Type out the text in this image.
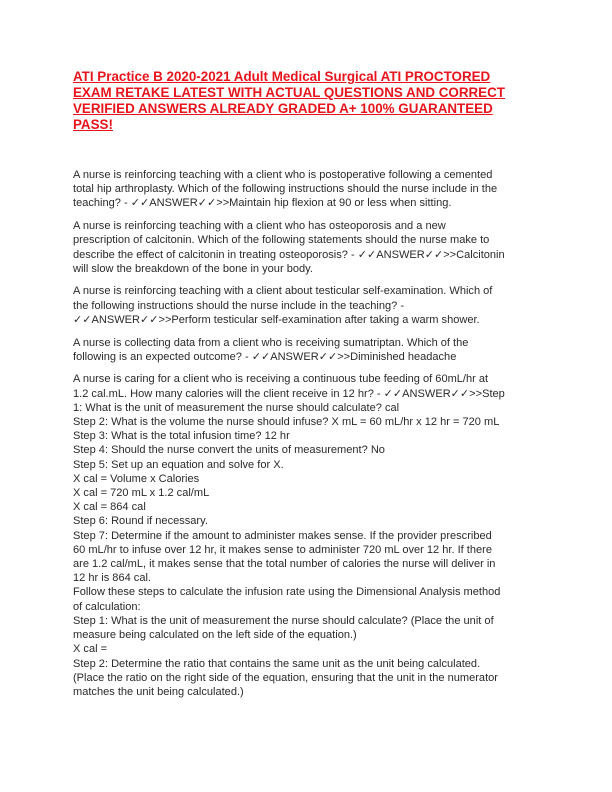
ATI Practice B 2020-2021 Adult Medical Surgical ATI PROCTORED
EXAM RETAKE LATEST WITH ACTUAL QUESTIONS AND CORRECT
VERIFIED ANSWERS ALREADY GRADED A+ 100% GUARANTEED
PASS!
A nurse is reinforcing teaching with a client who is postoperative following a cemented
total hip arthroplasty. Which of the following instructions should the nurse include in the
teaching? - ✓✓ANSWER✓✓>>Maintain hip flexion at 90 or less when sitting.
A nurse is reinforcing teaching with a client who has osteoporosis and a new
prescription of calcitonin. Which of the following statements should the nurse make to
describe the effect of calcitonin in treating osteoporosis? - ✓✓ANSWER✓✓>>Calcitonin
will slow the breakdown of the bone in your body.
A nurse is reinforcing teaching with a client about testicular self-examination. Which of
the following instructions should the nurse include in the teaching? -
✓✓ANSWER✓✓>>Perform testicular self-examination after taking a warm shower.
A nurse is collecting data from a client who is receiving sumatriptan. Which of the
following is an expected outcome? - ✓✓ANSWER✓✓>>Diminished headache
A nurse is caring for a client who is receiving a continuous tube feeding of 60mL/hr at
1.2 cal.mL. How many calories will the client receive in 12 hr? - ✓✓ANSWER✓✓>>Step
1: What is the unit of measurement the nurse should calculate? cal
Step 2: What is the volume the nurse should infuse? X mL = 60 mL/hr x 12 hr = 720 mL
Step 3: What is the total infusion time? 12 hr
Step 4: Should the nurse convert the units of measurement? No
Step 5: Set up an equation and solve for X.
X cal = Volume x Calories
X cal = 720 mL x 1.2 cal/mL
X cal = 864 cal
Step 6: Round if necessary.
Step 7: Determine if the amount to administer makes sense. If the provider prescribed
60 mL/hr to infuse over 12 hr, it makes sense to administer 720 mL over 12 hr. If there
are 1.2 cal/mL, it makes sense that the total number of calories the nurse will deliver in
12 hr is 864 cal.
Follow these steps to calculate the infusion rate using the Dimensional Analysis method
of calculation:
Step 1: What is the unit of measurement the nurse should calculate? (Place the unit of
measure being calculated on the left side of the equation.)
X cal =
Step 2: Determine the ratio that contains the same unit as the unit being calculated.
(Place the ratio on the right side of the equation, ensuring that the unit in the numerator
matches the unit being calculated.)
